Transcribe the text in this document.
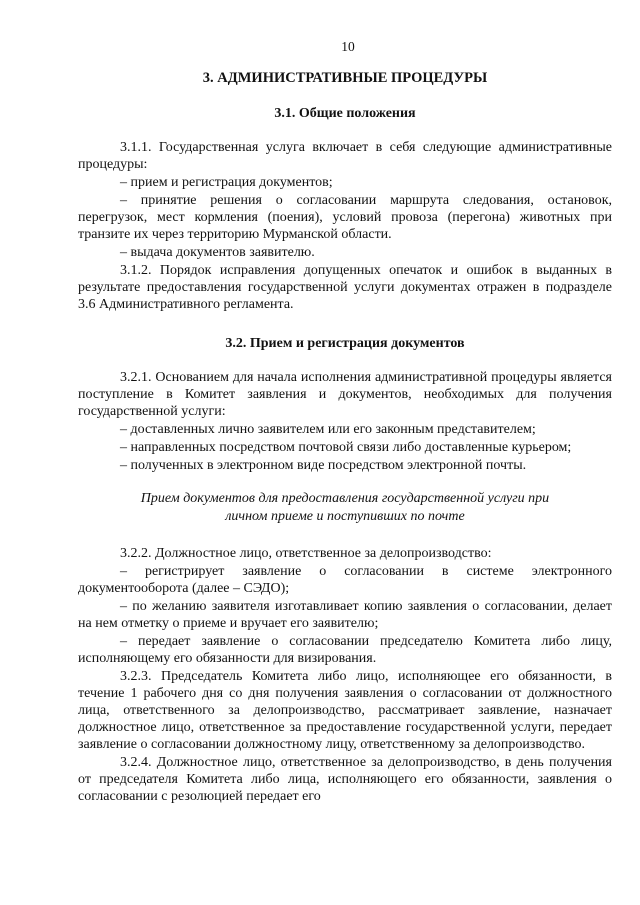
10
3. АДМИНИСТРАТИВНЫЕ ПРОЦЕДУРЫ
3.1. Общие положения

3.1.1. Государственная услуга включает в себя следующие административные процедуры:

– прием и регистрация документов;

– принятие решения о согласовании маршрута следования, остановок, перегрузок, мест кормления (поения), условий провоза (перегона) животных при транзите их через территорию Мурманской области.

– выдача документов заявителю.

3.1.2. Порядок исправления допущенных опечаток и ошибок в выданных в результате предоставления государственной услуги документах отражен в подразделе 3.6 Административного регламента.

3.2. Прием и регистрация документов

3.2.1. Основанием для начала исполнения административной процедуры является поступление в Комитет заявления и документов, необходимых для получения государственной услуги:

– доставленных лично заявителем или его законным представителем;

– направленных посредством почтовой связи либо доставленные курьером;

– полученных в электронном виде посредством электронной почты.

Прием документов для предоставления государственной услуги при
личном приеме и поступивших по почте

3.2.2. Должностное лицо, ответственное за делопроизводство:

– регистрирует заявление о согласовании в системе электронного документооборота (далее – СЭДО);

– по желанию заявителя изготавливает копию заявления о согласовании, делает на нем отметку о приеме и вручает его заявителю;

– передает заявление о согласовании председателю Комитета либо лицу, исполняющему его обязанности для визирования.

3.2.3. Председатель Комитета либо лицо, исполняющее его обязанности, в течение 1 рабочего дня со дня получения заявления о согласовании от должностного лица, ответственного за делопроизводство, рассматривает заявление, назначает должностное лицо, ответственное за предоставление государственной услуги, передает заявление о согласовании должностному лицу, ответственному за делопроизводство.

3.2.4. Должностное лицо, ответственное за делопроизводство, в день получения от председателя Комитета либо лица, исполняющего его обязанности, заявления о согласовании с резолюцией передает его
